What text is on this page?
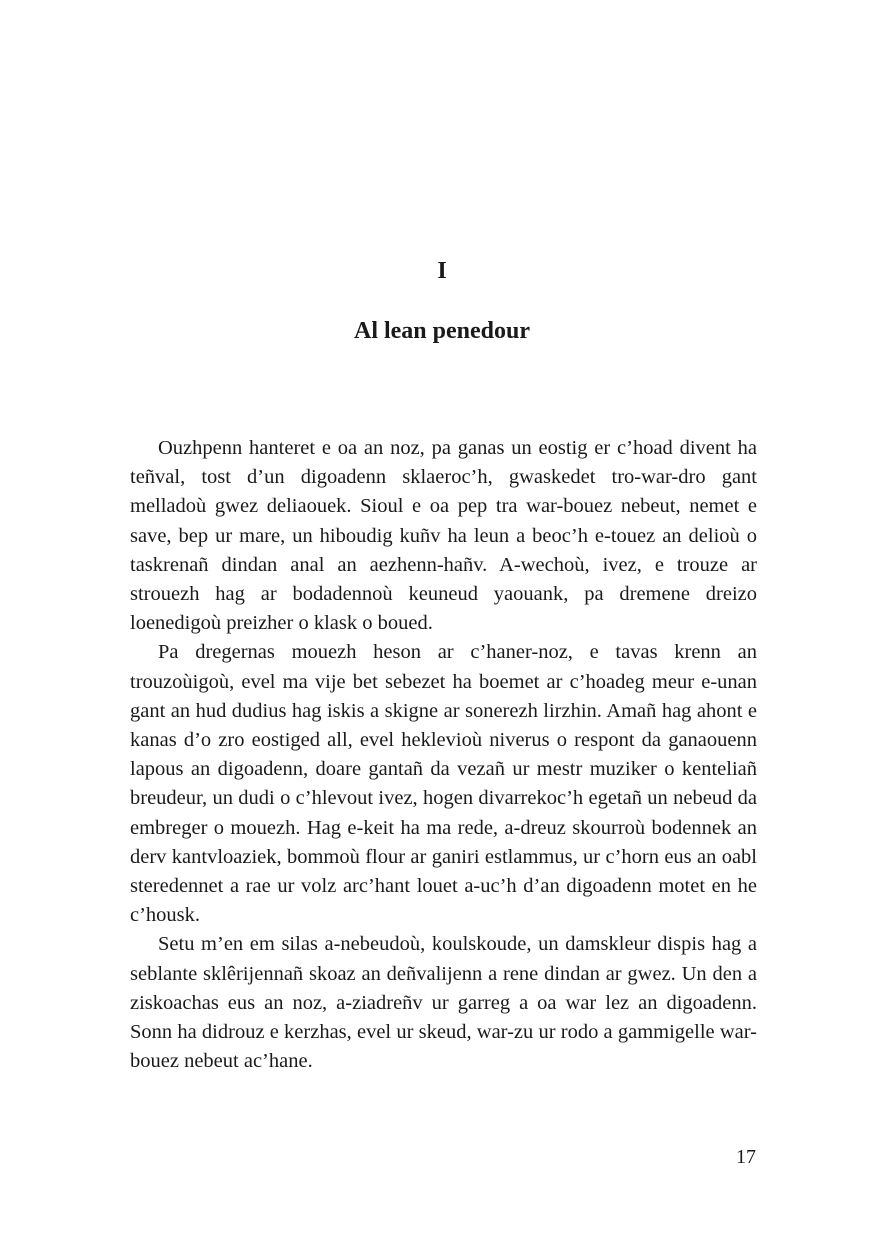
I
Al lean penedour

Ouzhpenn hanteret e oa an noz, pa ganas un eostig er c’hoad divent ha teñval, tost d’un digoadenn sklaeroc’h, gwaskedet tro-war-dro gant melladoù gwez deliaouek. Sioul e oa pep tra war-bouez nebeut, nemet e save, bep ur mare, un hiboudig kuñv ha leun a beoc’h e-touez an delioù o taskrenañ dindan anal an aezhenn-hañv. A-wechoù, ivez, e trouze ar strouezh hag ar bodadennoù keuneud yaouank, pa dremene dreizo loenedigoù preizher o klask o boued.

Pa dregernas mouezh heson ar c’haner-noz, e tavas krenn an trouzoùigoù, evel ma vije bet sebezet ha boemet ar c’hoadeg meur e-unan gant an hud dudius hag iskis a skigne ar sonerezh lirzhin. Amañ hag ahont e kanas d’o zro eostiged all, evel hekleviοù niverus o respont da ganaouenn lapous an digoadenn, doare gantañ da vezañ ur mestr muziker o kenteliañ breudeur, un dudi o c’hlevout ivez, hogen divarrekoc’h egetañ un nebeud da embreger o mouezh. Hag e-keit ha ma rede, a-dreuz skourroù bodennek an derv kantvloaziek, bommoù flour ar ganiri estlammus, ur c’horn eus an oabl steredennet a rae ur volz arc’hant louet a-uc’h d’an digoadenn motet en he c’housk.

Setu m’en em silas a-nebeudoù, koulskoude, un damskleur dispis hag a seblante sklêrijennañ skoaz an deñvalijenn a rene dindan ar gwez. Un den a ziskoachas eus an noz, a-ziadreñv ur garreg a oa war lez an digoadenn. Sonn ha didrouz e kerzhas, evel ur skeud, war-zu ur rodo a gammigelle war-bouez nebeut ac’hane.

17
